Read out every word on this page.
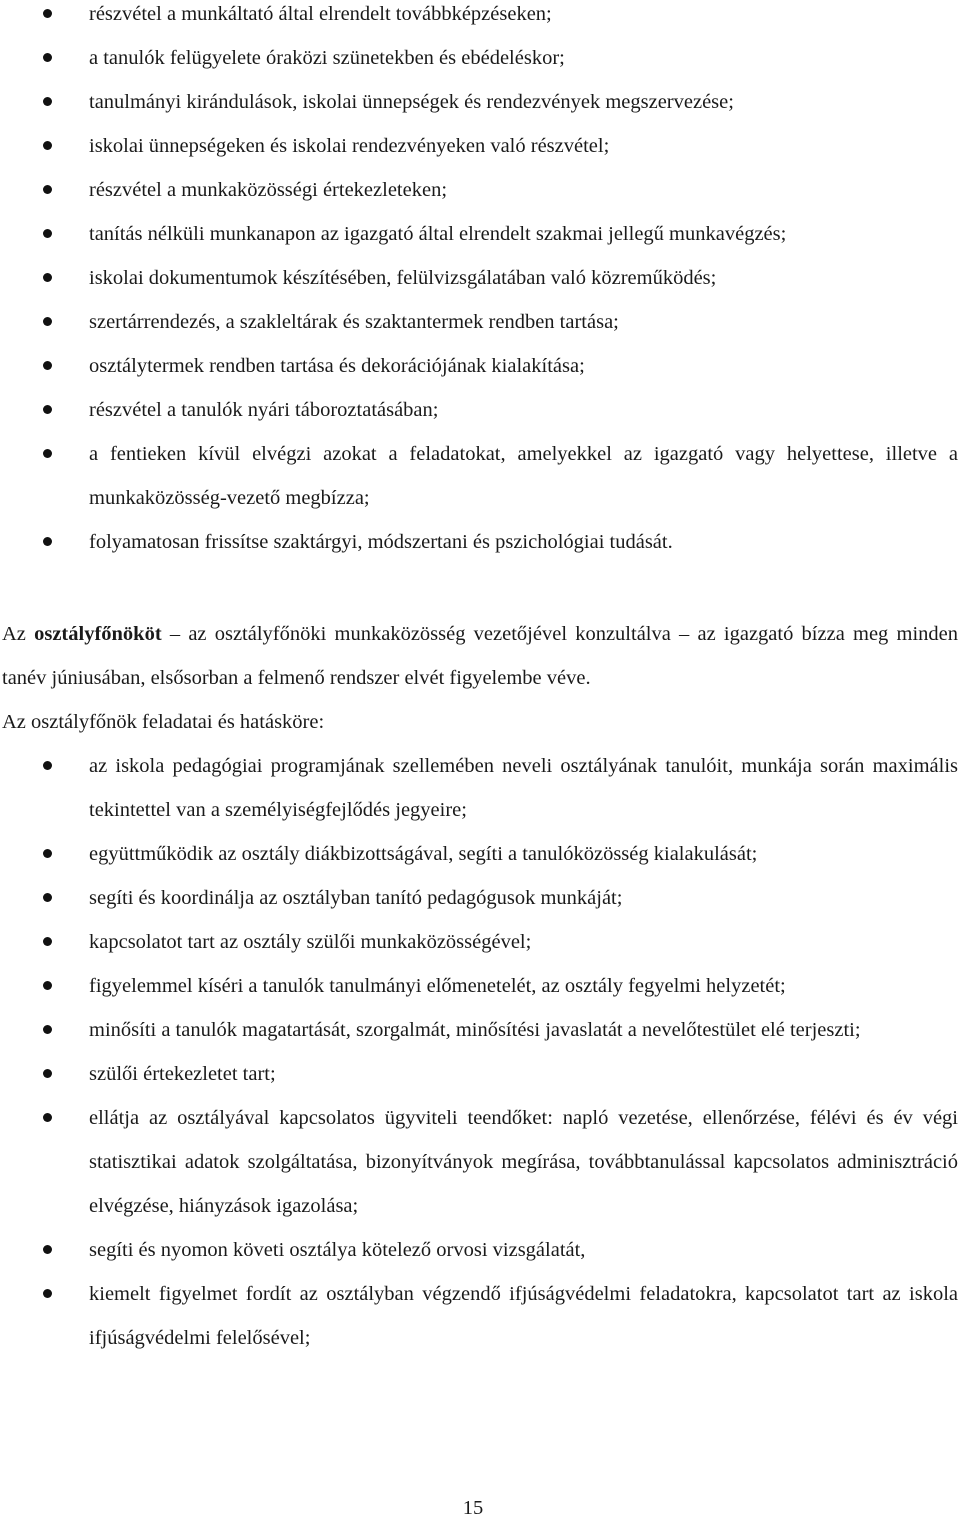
részvétel a munkáltató által elrendelt továbbképzéseken;
a tanulók felügyelete óraközi szünetekben és ebédeléskor;
tanulmányi kirándulások, iskolai ünnepségek és rendezvények megszervezése;
iskolai ünnepségeken és iskolai rendezvényeken való részvétel;
részvétel a munkaközösségi értekezleteken;
tanítás nélküli munkanapon az igazgató által elrendelt szakmai jellegű munkavégzés;
iskolai dokumentumok készítésében, felülvizsgálatában való közreműködés;
szertárrendezés, a szakleltárak és szaktantermek rendben tartása;
osztálytermek rendben tartása és dekorációjának kialakítása;
részvétel a tanulók nyári táboroztatásában;
a fentieken kívül elvégzi azokat a feladatokat, amelyekkel az igazgató vagy helyettese, illetve a munkaközösség-vezető megbízza;
folyamatosan frissítse szaktárgyi, módszertani és pszichológiai tudását.

Az osztályfőnököt – az osztályfőnöki munkaközösség vezetőjével konzultálva – az igazgató bízza meg minden tanév júniusában, elsősorban a felmenő rendszer elvét figyelembe véve.

Az osztályfőnök feladatai és hatásköre:

az iskola pedagógiai programjának szellemében neveli osztályának tanulóit, munkája során maximális tekintettel van a személyiségfejlődés jegyeire;
együttműködik az osztály diákbizottságával, segíti a tanulóközösség kialakulását;
segíti és koordinálja az osztályban tanító pedagógusok munkáját;
kapcsolatot tart az osztály szülői munkaközösségével;
figyelemmel kíséri a tanulók tanulmányi előmenetelét, az osztály fegyelmi helyzetét;
minősíti a tanulók magatartását, szorgalmát, minősítési javaslatát a nevelőtestület elé terjeszti;
szülői értekezletet tart;
ellátja az osztályával kapcsolatos ügyviteli teendőket: napló vezetése, ellenőrzése, félévi és év végi statisztikai adatok szolgáltatása, bizonyítványok megírása, továbbtanulással kapcsolatos adminisztráció elvégzése, hiányzások igazolása;
segíti és nyomon követi osztálya kötelező orvosi vizsgálatát,
kiemelt figyelmet fordít az osztályban végzendő ifjúságvédelmi feladatokra, kapcsolatot tart az iskola ifjúságvédelmi felelősével;
15
